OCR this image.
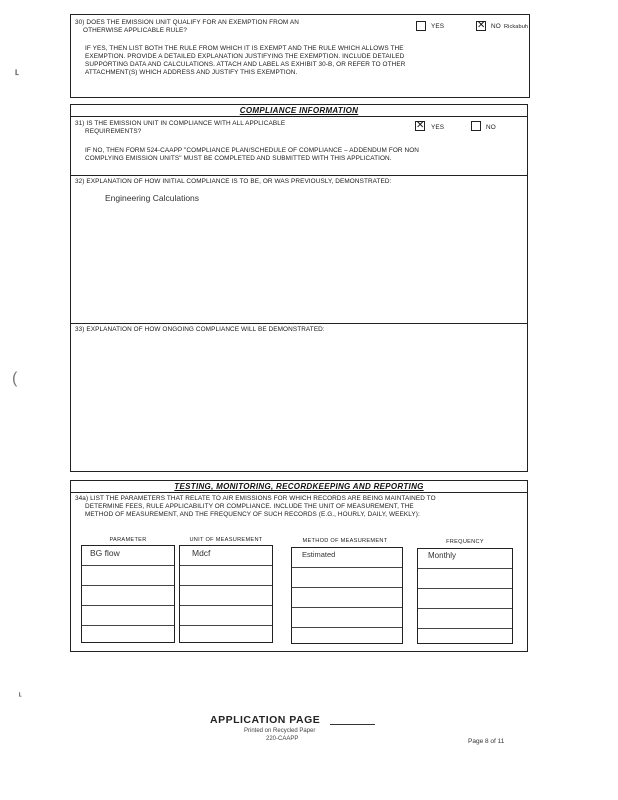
30) DOES THE EMISSION UNIT QUALIFY FOR AN EXEMPTION FROM AN
OTHERWISE APPLICABLE RULE?
YES
✕	NO Rickabuh
IF YES, THEN LIST BOTH THE RULE FROM WHICH IT IS EXEMPT AND THE RULE WHICH ALLOWS THE
EXEMPTION. PROVIDE A DETAILED EXPLANATION JUSTIFYING THE EXEMPTION. INCLUDE DETAILED
SUPPORTING DATA AND CALCULATIONS. ATTACH AND LABEL AS EXHIBIT 30-B, OR REFER TO OTHER
ATTACHMENT(S) WHICH ADDRESS AND JUSTIFY THIS EXEMPTION.
COMPLIANCE INFORMATION
31) IS THE EMISSION UNIT IN COMPLIANCE WITH ALL APPLICABLE
REQUIREMENTS?
✕
YES	NO
IF NO, THEN FORM 524-CAAPP "COMPLIANCE PLAN/SCHEDULE OF COMPLIANCE – ADDENDUM FOR NON
COMPLYING EMISSION UNITS" MUST BE COMPLETED AND SUBMITTED WITH THIS APPLICATION.
32) EXPLANATION OF HOW INITIAL COMPLIANCE IS TO BE, OR WAS PREVIOUSLY, DEMONSTRATED:
Engineering Calculations
33) EXPLANATION OF HOW ONGOING COMPLIANCE WILL BE DEMONSTRATED:
TESTING, MONITORING, RECORDKEEPING AND REPORTING
34a) LIST THE PARAMETERS THAT RELATE TO AIR EMISSIONS FOR WHICH RECORDS ARE BEING MAINTAINED TO
DETERMINE FEES, RULE APPLICABILITY OR COMPLIANCE. INCLUDE THE UNIT OF MEASUREMENT, THE
METHOD OF MEASUREMENT, AND THE FREQUENCY OF SUCH RECORDS (E.G., HOURLY, DAILY, WEEKLY):
PARAMETER
BG flow
UNIT OF MEASUREMENT
Mdcf
METHOD OF MEASUREMENT
Estimated
FREQUENCY
Monthly
APPLICATION PAGE
Printed on Recycled Paper
220-CAAPP	Page 8 of 11
⸤
(
⸤
